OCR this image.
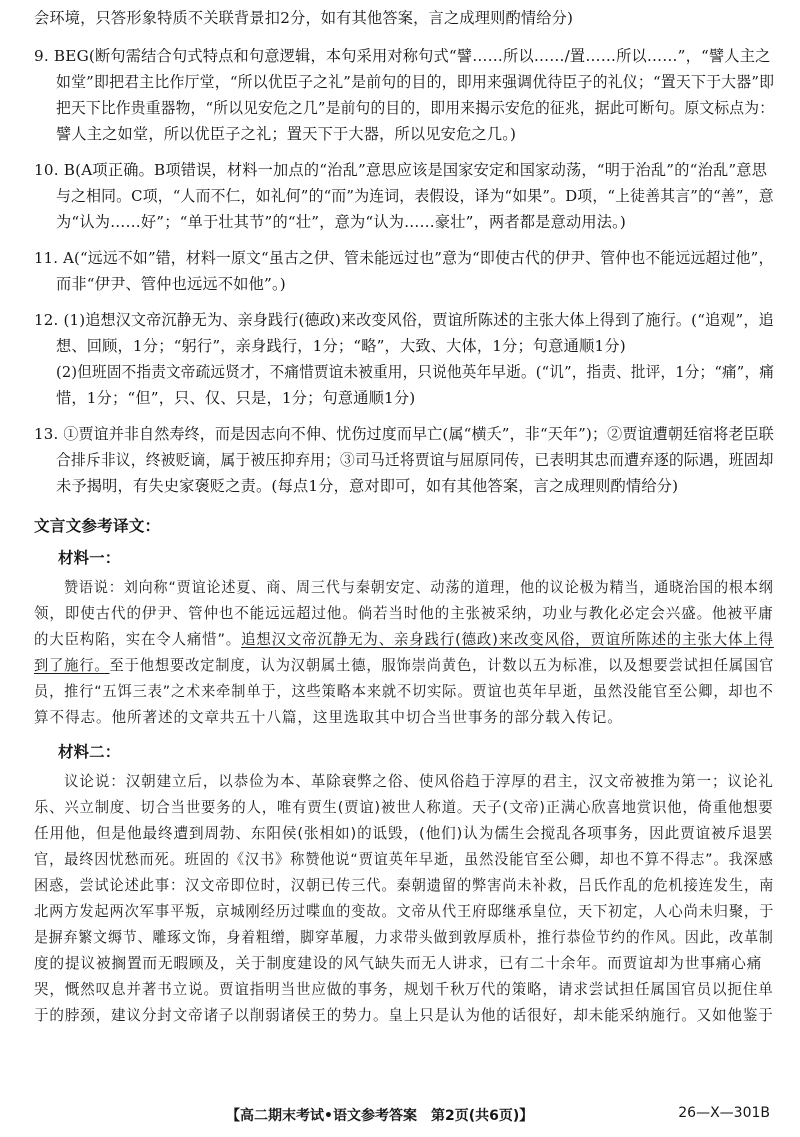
会环境，只答形象特质不关联背景扣2分，如有其他答案，言之成理则酌情给分)
9. BEG(断句需结合句式特点和句意逻辑，本句采用对称句式“譬……所以……/置……所以……”，“譬人主之
如堂”即把君主比作厅堂，“所以优臣子之礼”是前句的目的，即用来强调优待臣子的礼仪；“置天下于大器”即
把天下比作贵重器物，“所以见安危之几”是前句的目的，即用来揭示安危的征兆，据此可断句。原文标点为：
譬人主之如堂，所以优臣子之礼；置天下于大器，所以见安危之几。)
10. B(A项正确。B项错误，材料一加点的“治乱”意思应该是国家安定和国家动荡，“明于治乱”的“治乱”意思
与之相同。C项，“人而不仁，如礼何”的“而”为连词，表假设，译为“如果”。D项，“上徒善其言”的“善”，意
为“认为……好”；“单于壮其节”的“壮”，意为“认为……豪壮”，两者都是意动用法。)
11. A(“远远不如”错，材料一原文“虽古之伊、管未能远过也”意为“即使古代的伊尹、管仲也不能远远超过他”，
而非“伊尹、管仲也远远不如他”。)
12. (1)追想汉文帝沉静无为、亲身践行(德政)来改变风俗，贾谊所陈述的主张大体上得到了施行。(“追观”，追
想、回顾，1分；“躬行”，亲身践行，1分；“略”，大致、大体，1分；句意通顺1分)
(2)但班固不指责文帝疏远贤才，不痛惜贾谊未被重用，只说他英年早逝。(“讥”，指责、批评，1分；“痛”，痛
惜，1分；“但”，只、仅、只是，1分；句意通顺1分)
13. ①贾谊并非自然寿终，而是因志向不伸、忧伤过度而早亡(属“横夭”，非“天年”)；②贾谊遭朝廷宿将老臣联
合排斥非议，终被贬谪，属于被压抑弃用；③司马迁将贾谊与屈原同传，已表明其忠而遭弃逐的际遇，班固却
未予揭明，有失史家褒贬之责。(每点1分，意对即可，如有其他答案，言之成理则酌情给分)
文言文参考译文：
材料一：
赞语说：刘向称“贾谊论述夏、商、周三代与秦朝安定、动荡的道理，他的议论极为精当，通晓治国的根本纲
领，即使古代的伊尹、管仲也不能远远超过他。倘若当时他的主张被采纳，功业与教化必定会兴盛。他被平庸
的大臣构陷，实在令人痛惜”。追想汉文帝沉静无为、亲身践行(德政)来改变风俗，贾谊所陈述的主张大体上得
到了施行。至于他想要改定制度，认为汉朝属土德，服饰崇尚黄色，计数以五为标准，以及想要尝试担任属国官
员，推行“五饵三表”之术来牵制单于，这些策略本来就不切实际。贾谊也英年早逝，虽然没能官至公卿，却也不
算不得志。他所著述的文章共五十八篇，这里选取其中切合当世事务的部分载入传记。
材料二：
议论说：汉朝建立后，以恭俭为本、革除衰弊之俗、使风俗趋于淳厚的君主，汉文帝被推为第一；议论礼
乐、兴立制度、切合当世要务的人，唯有贾生(贾谊)被世人称道。天子(文帝)正满心欣喜地赏识他，倚重他想要
任用他，但是他最终遭到周勃、东阳侯(张相如)的诋毁，(他们)认为儒生会搅乱各项事务，因此贾谊被斥退罢
官，最终因忧愁而死。班固的《汉书》称赞他说“贾谊英年早逝，虽然没能官至公卿，却也不算不得志”。我深感
困惑，尝试论述此事：汉文帝即位时，汉朝已传三代。秦朝遗留的弊害尚未补救，吕氏作乱的危机接连发生，南
北两方发起两次军事平叛，京城刚经历过喋血的变故。文帝从代王府邸继承皇位，天下初定，人心尚未归聚，于
是摒弃繁文缛节、雕琢文饰，身着粗缯，脚穿革履，力求带头做到敦厚质朴，推行恭俭节约的作风。因此，改革制
度的提议被搁置而无暇顾及，关于制度建设的风气缺失而无人讲求，已有二十余年。而贾谊却为世事痛心痛
哭，慨然叹息并著书立说。贾谊指明当世应做的事务，规划千秋万代的策略，请求尝试担任属国官员以扼住单
于的脖颈，建议分封文帝诸子以削弱诸侯王的势力。皇上只是认为他的话很好，却未能采纳施行。又如他鉴于
【高二期末考试•语文参考答案　第2页(共6页)】	26—X—301B
